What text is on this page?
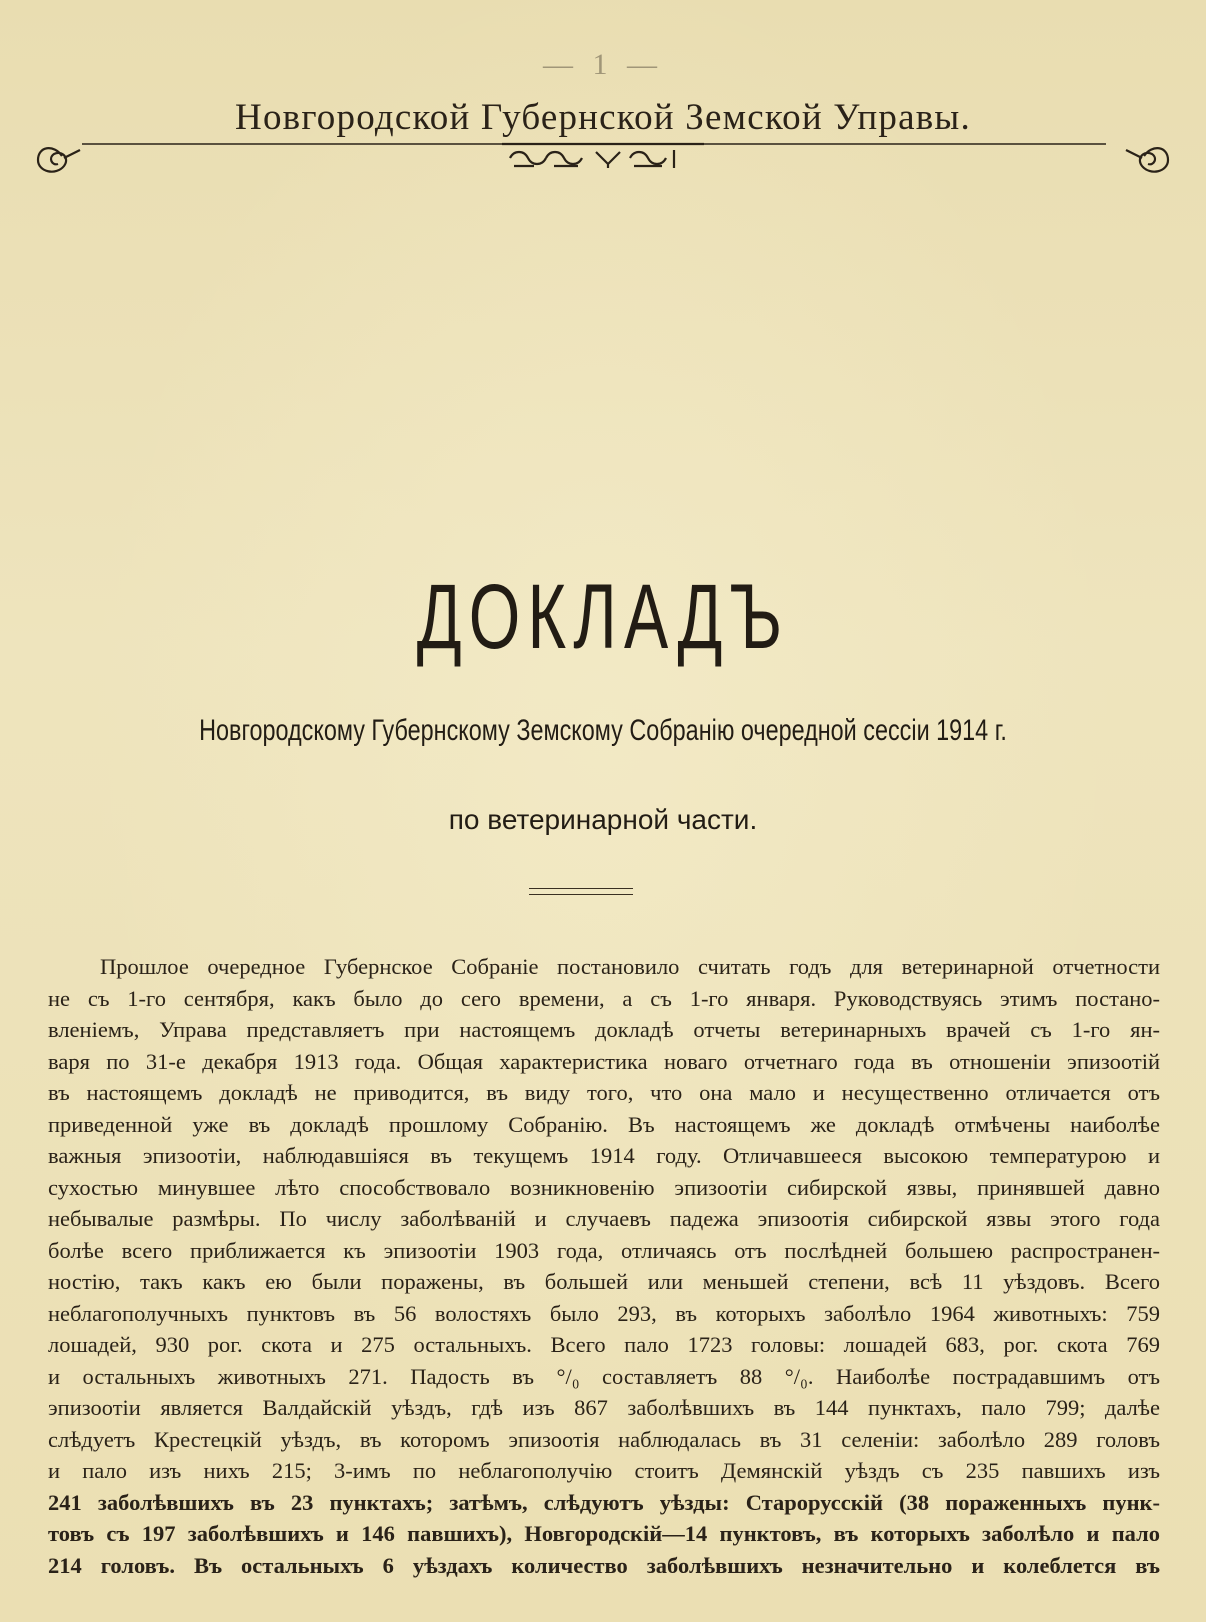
— 1 —
Новгородской Губернской Земской Управы.
ДОКЛАДЪ
Новгородскому Губернскому Земскому Собранію очередной сессіи 1914 г.
по ветеринарной части.
Прошлое очередное Губернское Собраніе постановило считать годъ для ветеринарной отчетности
не съ 1-го сентября, какъ было до сего времени, а съ 1-го января. Руководствуясь этимъ постано-
вленіемъ, Управа представляетъ при настоящемъ докладѣ отчеты ветеринарныхъ врачей съ 1-го ян-
варя по 31-е декабря 1913 года. Общая характеристика новаго отчетнаго года въ отношеніи эпизоотій
въ настоящемъ докладѣ не приводится, въ виду того, что она мало и несущественно отличается отъ
приведенной уже въ докладѣ прошлому Собранію. Въ настоящемъ же докладѣ отмѣчены наиболѣе
важныя эпизоотіи, наблюдавшіяся въ текущемъ 1914 году. Отличавшееся высокою температурою и
сухостью минувшее лѣто способствовало возникновенію эпизоотіи сибирской язвы, принявшей давно
небывалые размѣры. По числу заболѣваній и случаевъ падежа эпизоотія сибирской язвы этого года
болѣе всего приближается къ эпизоотіи 1903 года, отличаясь отъ послѣдней большею распространен-
ностію, такъ какъ ею были поражены, въ большей или меньшей степени, всѣ 11 уѣздовъ. Всего
неблагополучныхъ пунктовъ въ 56 волостяхъ было 293, въ которыхъ заболѣло 1964 животныхъ: 759
лошадей, 930 рог. скота и 275 остальныхъ. Всего пало 1723 головы: лошадей 683, рог. скота 769
и остальныхъ животныхъ 271. Падость въ °/₀ составляетъ 88 °/₀. Наиболѣе пострадавшимъ отъ
эпизоотіи является Валдайскій уѣздъ, гдѣ изъ 867 заболѣвшихъ въ 144 пунктахъ, пало 799; далѣе
слѣдуетъ Крестецкій уѣздъ, въ которомъ эпизоотія наблюдалась въ 31 селеніи: заболѣло 289 головъ
и пало изъ нихъ 215; 3-имъ по неблагополучію стоитъ Демянскій уѣздъ съ 235 павшихъ изъ
241 заболѣвшихъ въ 23 пунктахъ; затѣмъ, слѣдуютъ уѣзды: Старорусскій (38 пораженныхъ пунк-
товъ съ 197 заболѣвшихъ и 146 павшихъ), Новгородскій—14 пунктовъ, въ которыхъ заболѣло и пало
214 головъ. Въ остальныхъ 6 уѣздахъ количество заболѣвшихъ незначительно и колеблется въ
